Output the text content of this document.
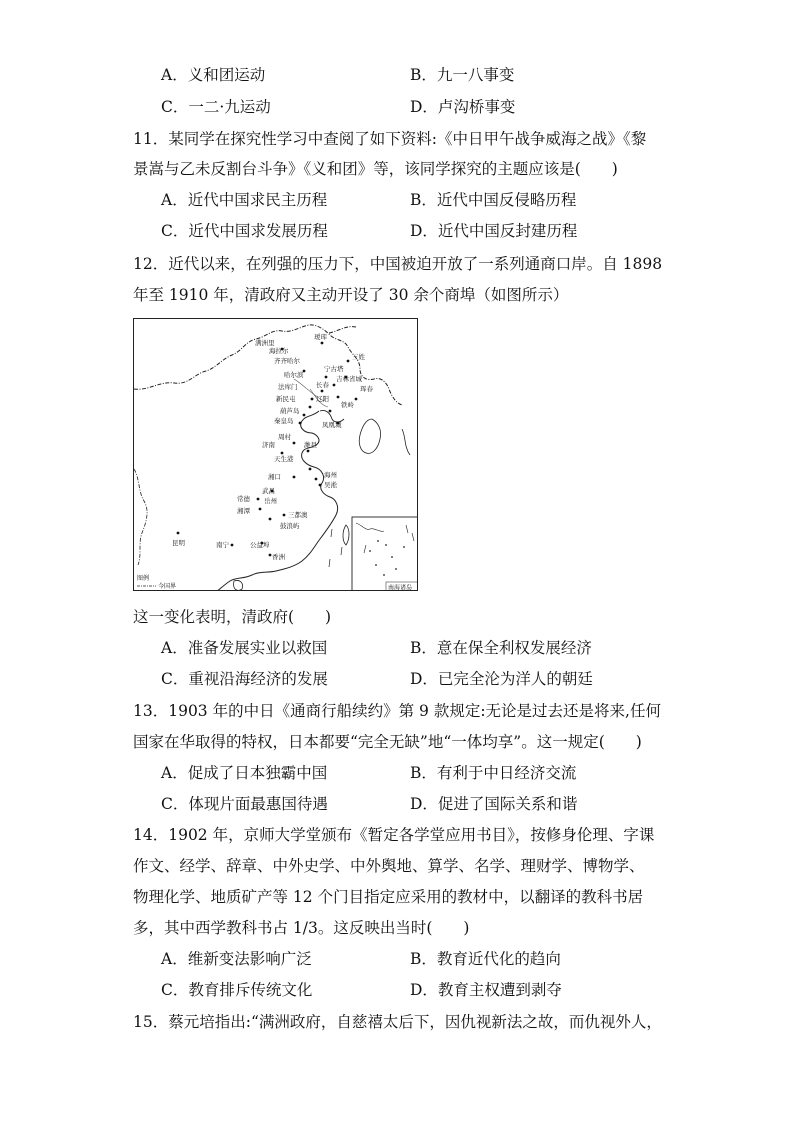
A．义和团运动	B．九一八事变
C．一二·九运动	D．卢沟桥事变
11．某同学在探究性学习中查阅了如下资料:《中日甲午战争威海之战》《黎
景嵩与乙未反割台斗争》《义和团》等，该同学探究的主题应该是(　　)
A．近代中国求民主历程	B．近代中国反侵略历程
C．近代中国求发展历程	D．近代中国反封建历程
12．近代以来，在列强的压力下，中国被迫开放了一系列通商口岸。自 1898
年至 1910 年，清政府又主动开设了 30 余个商埠（如图所示）
满洲里
海拉尔
瑷珲
齐齐哈尔	三姓
哈尔滨
宁古塔
吉林省城
长春
法库门
辽阳
珲春
新民屯
铁岭
葫芦岛
凤凰城
秦皇岛
周村
潍县
济南
天生港
海州
吴淞
湘口
武昌
常德 岳州
湘潭	三都澳
鼓浪屿
昆明	南宁	公益埠
香洲
图例
今国界	南海诸岛
这一变化表明，清政府(　　)
A．准备发展实业以救国	B．意在保全利权发展经济
C．重视沿海经济的发展	D．已完全沦为洋人的朝廷
13．1903 年的中日《通商行船续约》第 9 款规定:无论是过去还是将来,任何
国家在华取得的特权，日本都要“完全无缺”地“一体均享”。这一规定(　　)
A．促成了日本独霸中国	B．有利于中日经济交流
C．体现片面最惠国待遇	D．促进了国际关系和谐
14．1902 年，京师大学堂颁布《暂定各学堂应用书目》，按修身伦理、字课
作文、经学、辞章、中外史学、中外舆地、算学、名学、理财学、博物学、
物理化学、地质矿产等 12 个门目指定应采用的教材中，以翻译的教科书居
多，其中西学教科书占 1/3。这反映出当时(　　)
A．维新变法影响广泛	B．教育近代化的趋向
C．教育排斥传统文化	D．教育主权遭到剥夺
15．蔡元培指出:“满洲政府，自慈禧太后下，因仇视新法之故，而仇视外人，
